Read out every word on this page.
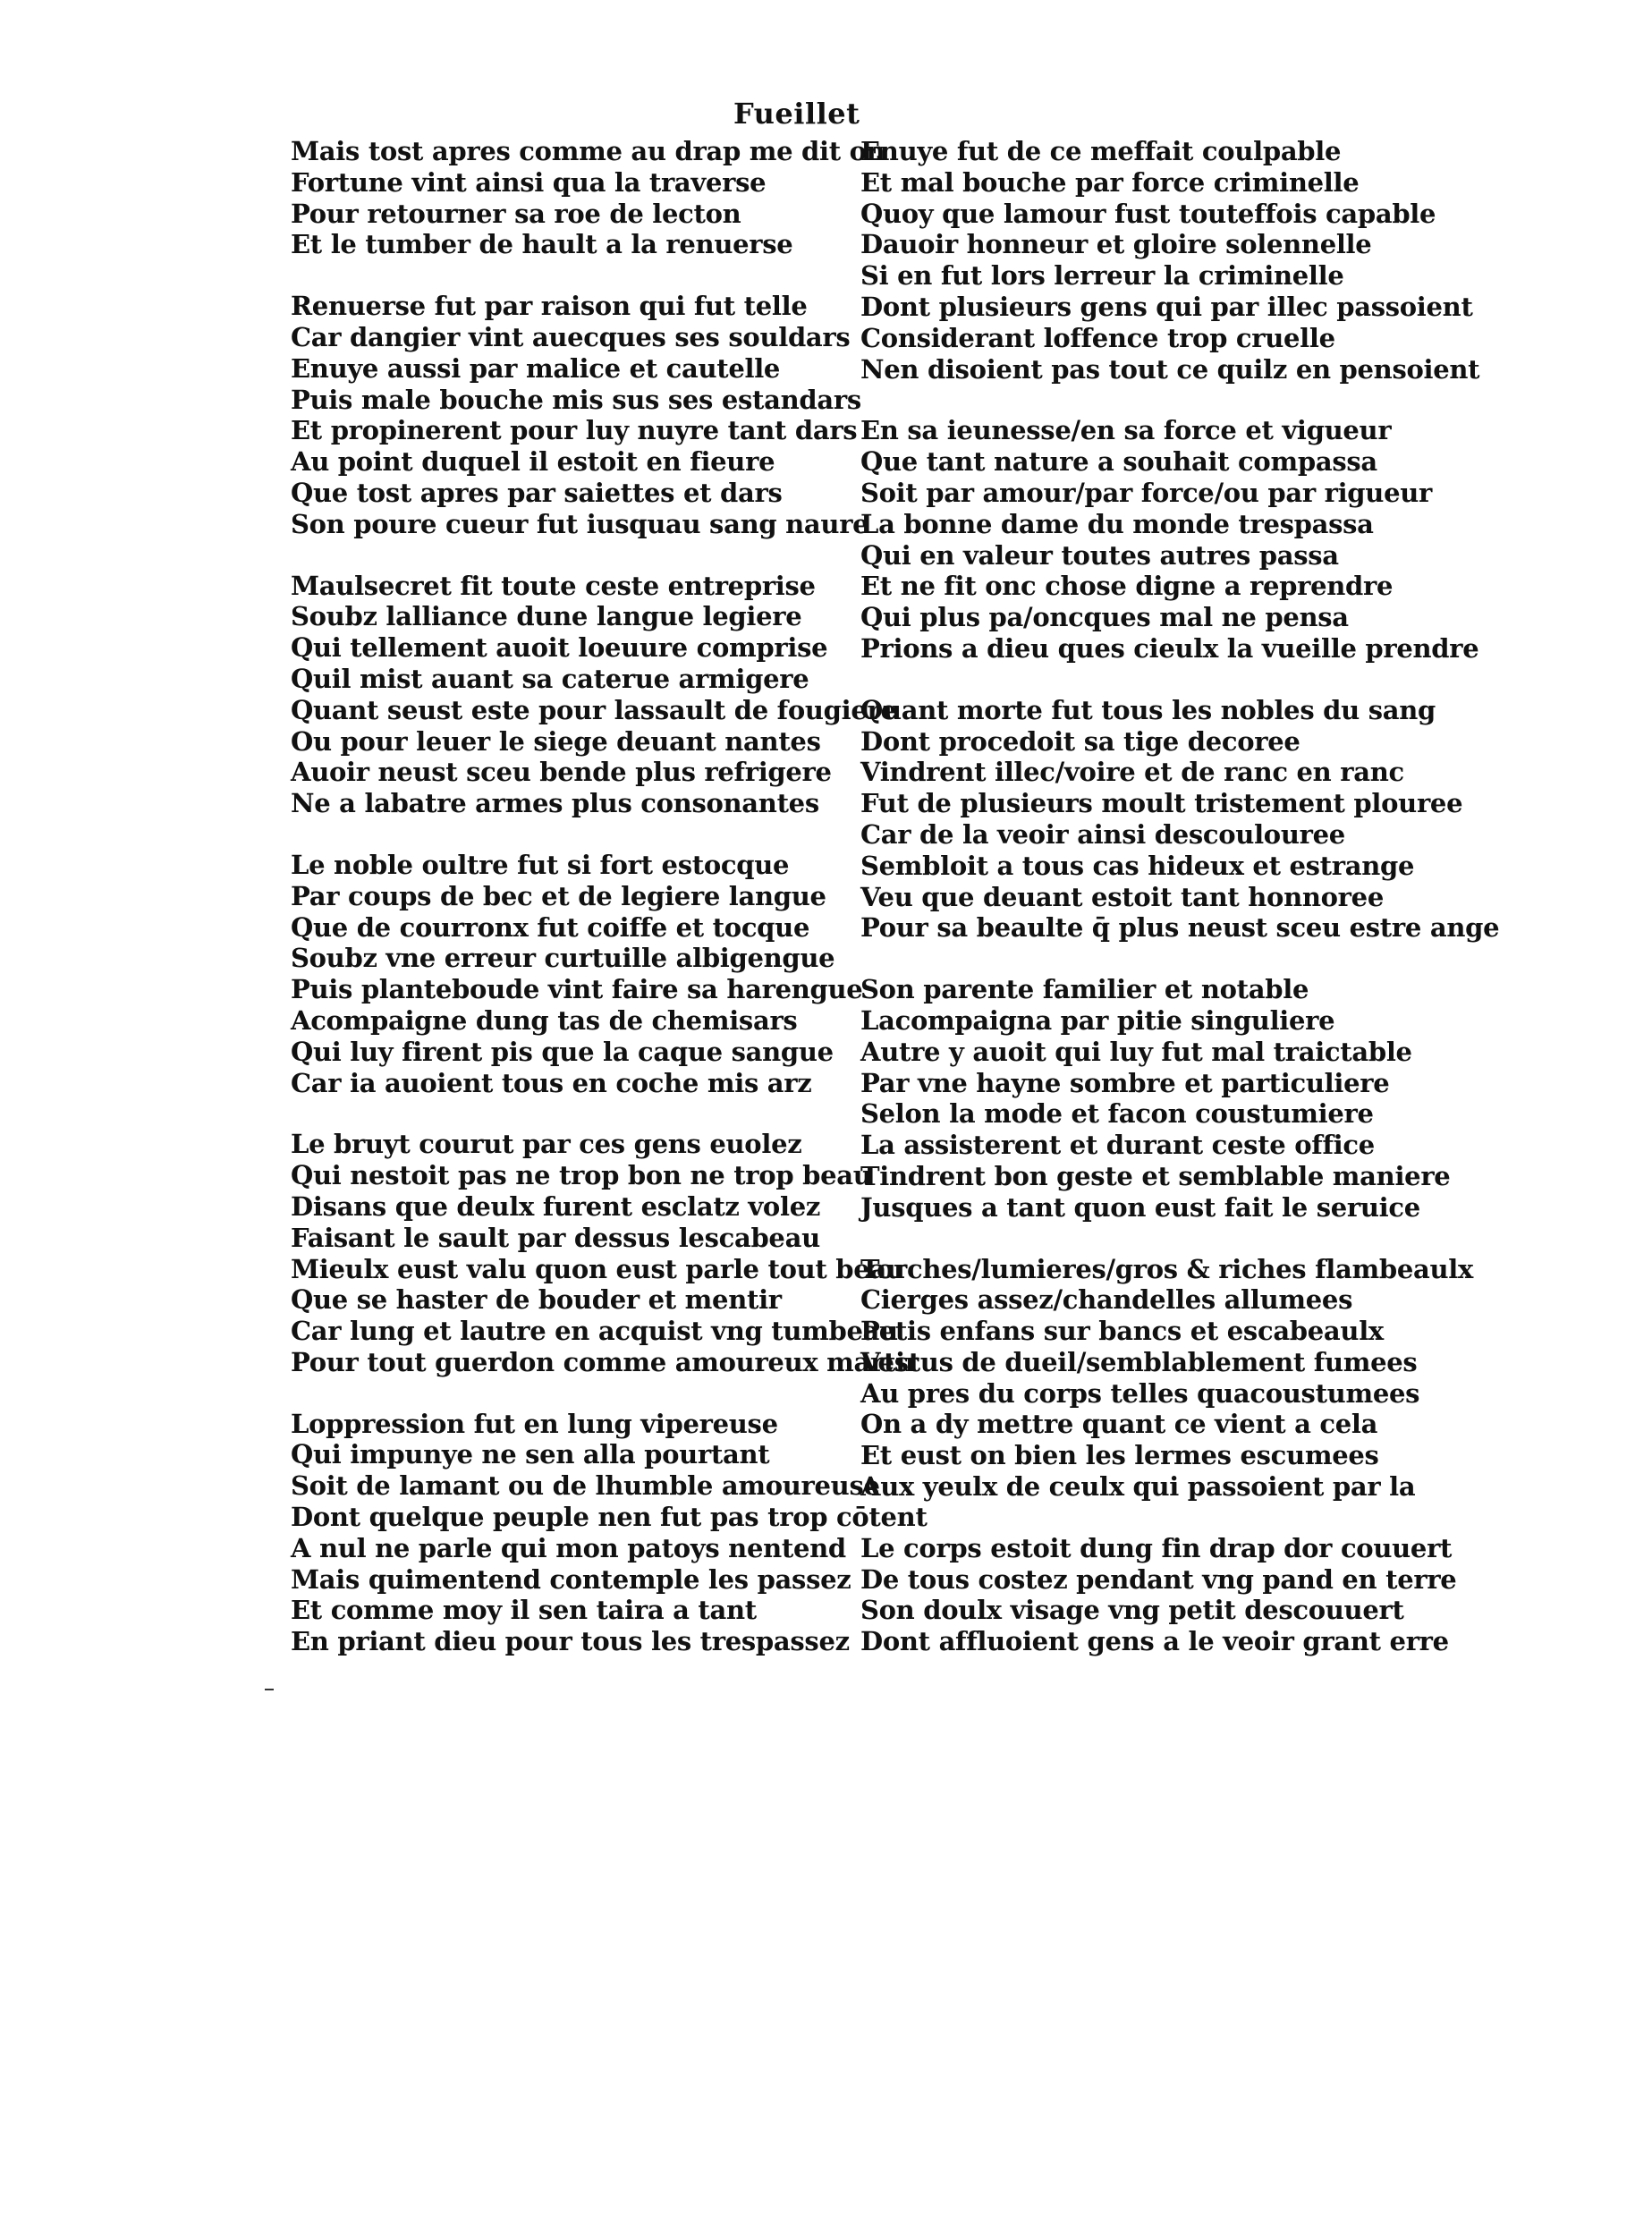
Fueillet
Mais tost apres comme au drap me dit on
Fortune vint ainsi qua la traverse
Pour retourner sa roe de lecton
Et le tumber de hault a la renuerse
Renuerse fut par raison qui fut telle
Car dangier vint auecques ses souldars
Enuye aussi par malice et cautelle
Puis male bouche mis sus ses estandars
Et propinerent pour luy nuyre tant dars
Au point duquel il estoit en fieure
Que tost apres par saiettes et dars
Son poure cueur fut iusquau sang naure
Maulsecret fit toute ceste entreprise
Soubz lalliance dune langue legiere
Qui tellement auoit loeuure comprise
Quil mist auant sa caterue armigere
Quant seust este pour lassault de fougiere
Ou pour leuer le siege deuant nantes
Auoir neust sceu bende plus refrigere
Ne a labatre armes plus consonantes
Le noble oultre fut si fort estocque
Par coups de bec et de legiere langue
Que de courronx fut coiffe et tocque
Soubz vne erreur curtuille albigengue
Puis planteboude vint faire sa harengue
Acompaigne dung tas de chemisars
Qui luy firent pis que la caque sangue
Car ia auoient tous en coche mis arz
Le bruyt courut par ces gens euolez
Qui nestoit pas ne trop bon ne trop beau
Disans que deulx furent esclatz volez
Faisant le sault par dessus lescabeau
Mieulx eust valu quon eust parle tout beau
Que se haster de bouder et mentir
Car lung et lautre en acquist vng tumbeau
Pour tout guerdon comme amoureux martir
Loppression fut en lung vipereuse
Qui impunye ne sen alla pourtant
Soit de lamant ou de lhumble amoureuse
Dont quelque peuple nen fut pas trop cōtent
A nul ne parle qui mon patoys nentend
Mais quimentend contemple les passez
Et comme moy il sen taira a tant
En priant dieu pour tous les trespassez
Enuye fut de ce meffait coulpable
Et mal bouche par force criminelle
Quoy que lamour fust touteffois capable
Dauoir honneur et gloire solennelle
Si en fut lors lerreur la criminelle
Dont plusieurs gens qui par illec passoient
Considerant loffence trop cruelle
Nen disoient pas tout ce quilz en pensoient
En sa ieunesse/en sa force et vigueur
Que tant nature a souhait compassa
Soit par amour/par force/ou par rigueur
La bonne dame du monde trespassa
Qui en valeur toutes autres passa
Et ne fit onc chose digne a reprendre
Qui plus pa/oncques mal ne pensa
Prions a dieu ques cieulx la vueille prendre
Quant morte fut tous les nobles du sang
Dont procedoit sa tige decoree
Vindrent illec/voire et de ranc en ranc
Fut de plusieurs moult tristement plouree
Car de la veoir ainsi descoulouree
Sembloit a tous cas hideux et estrange
Veu que deuant estoit tant honnoree
Pour sa beaulte q̄ plus neust sceu estre ange
Son parente familier et notable
Lacompaigna par pitie singuliere
Autre y auoit qui luy fut mal traictable
Par vne hayne sombre et particuliere
Selon la mode et facon coustumiere
La assisterent et durant ceste office
Tindrent bon geste et semblable maniere
Jusques a tant quon eust fait le seruice
Torches/lumieres/gros & riches flambeaulx
Cierges assez/chandelles allumees
Petis enfans sur bancs et escabeaulx
Vestus de dueil/semblablement fumees
Au pres du corps telles quacoustumees
On a dy mettre quant ce vient a cela
Et eust on bien les lermes escumees
Aux yeulx de ceulx qui passoient par la
Le corps estoit dung fin drap dor couuert
De tous costez pendant vng pand en terre
Son doulx visage vng petit descouuert
Dont affluoient gens a le veoir grant erre
